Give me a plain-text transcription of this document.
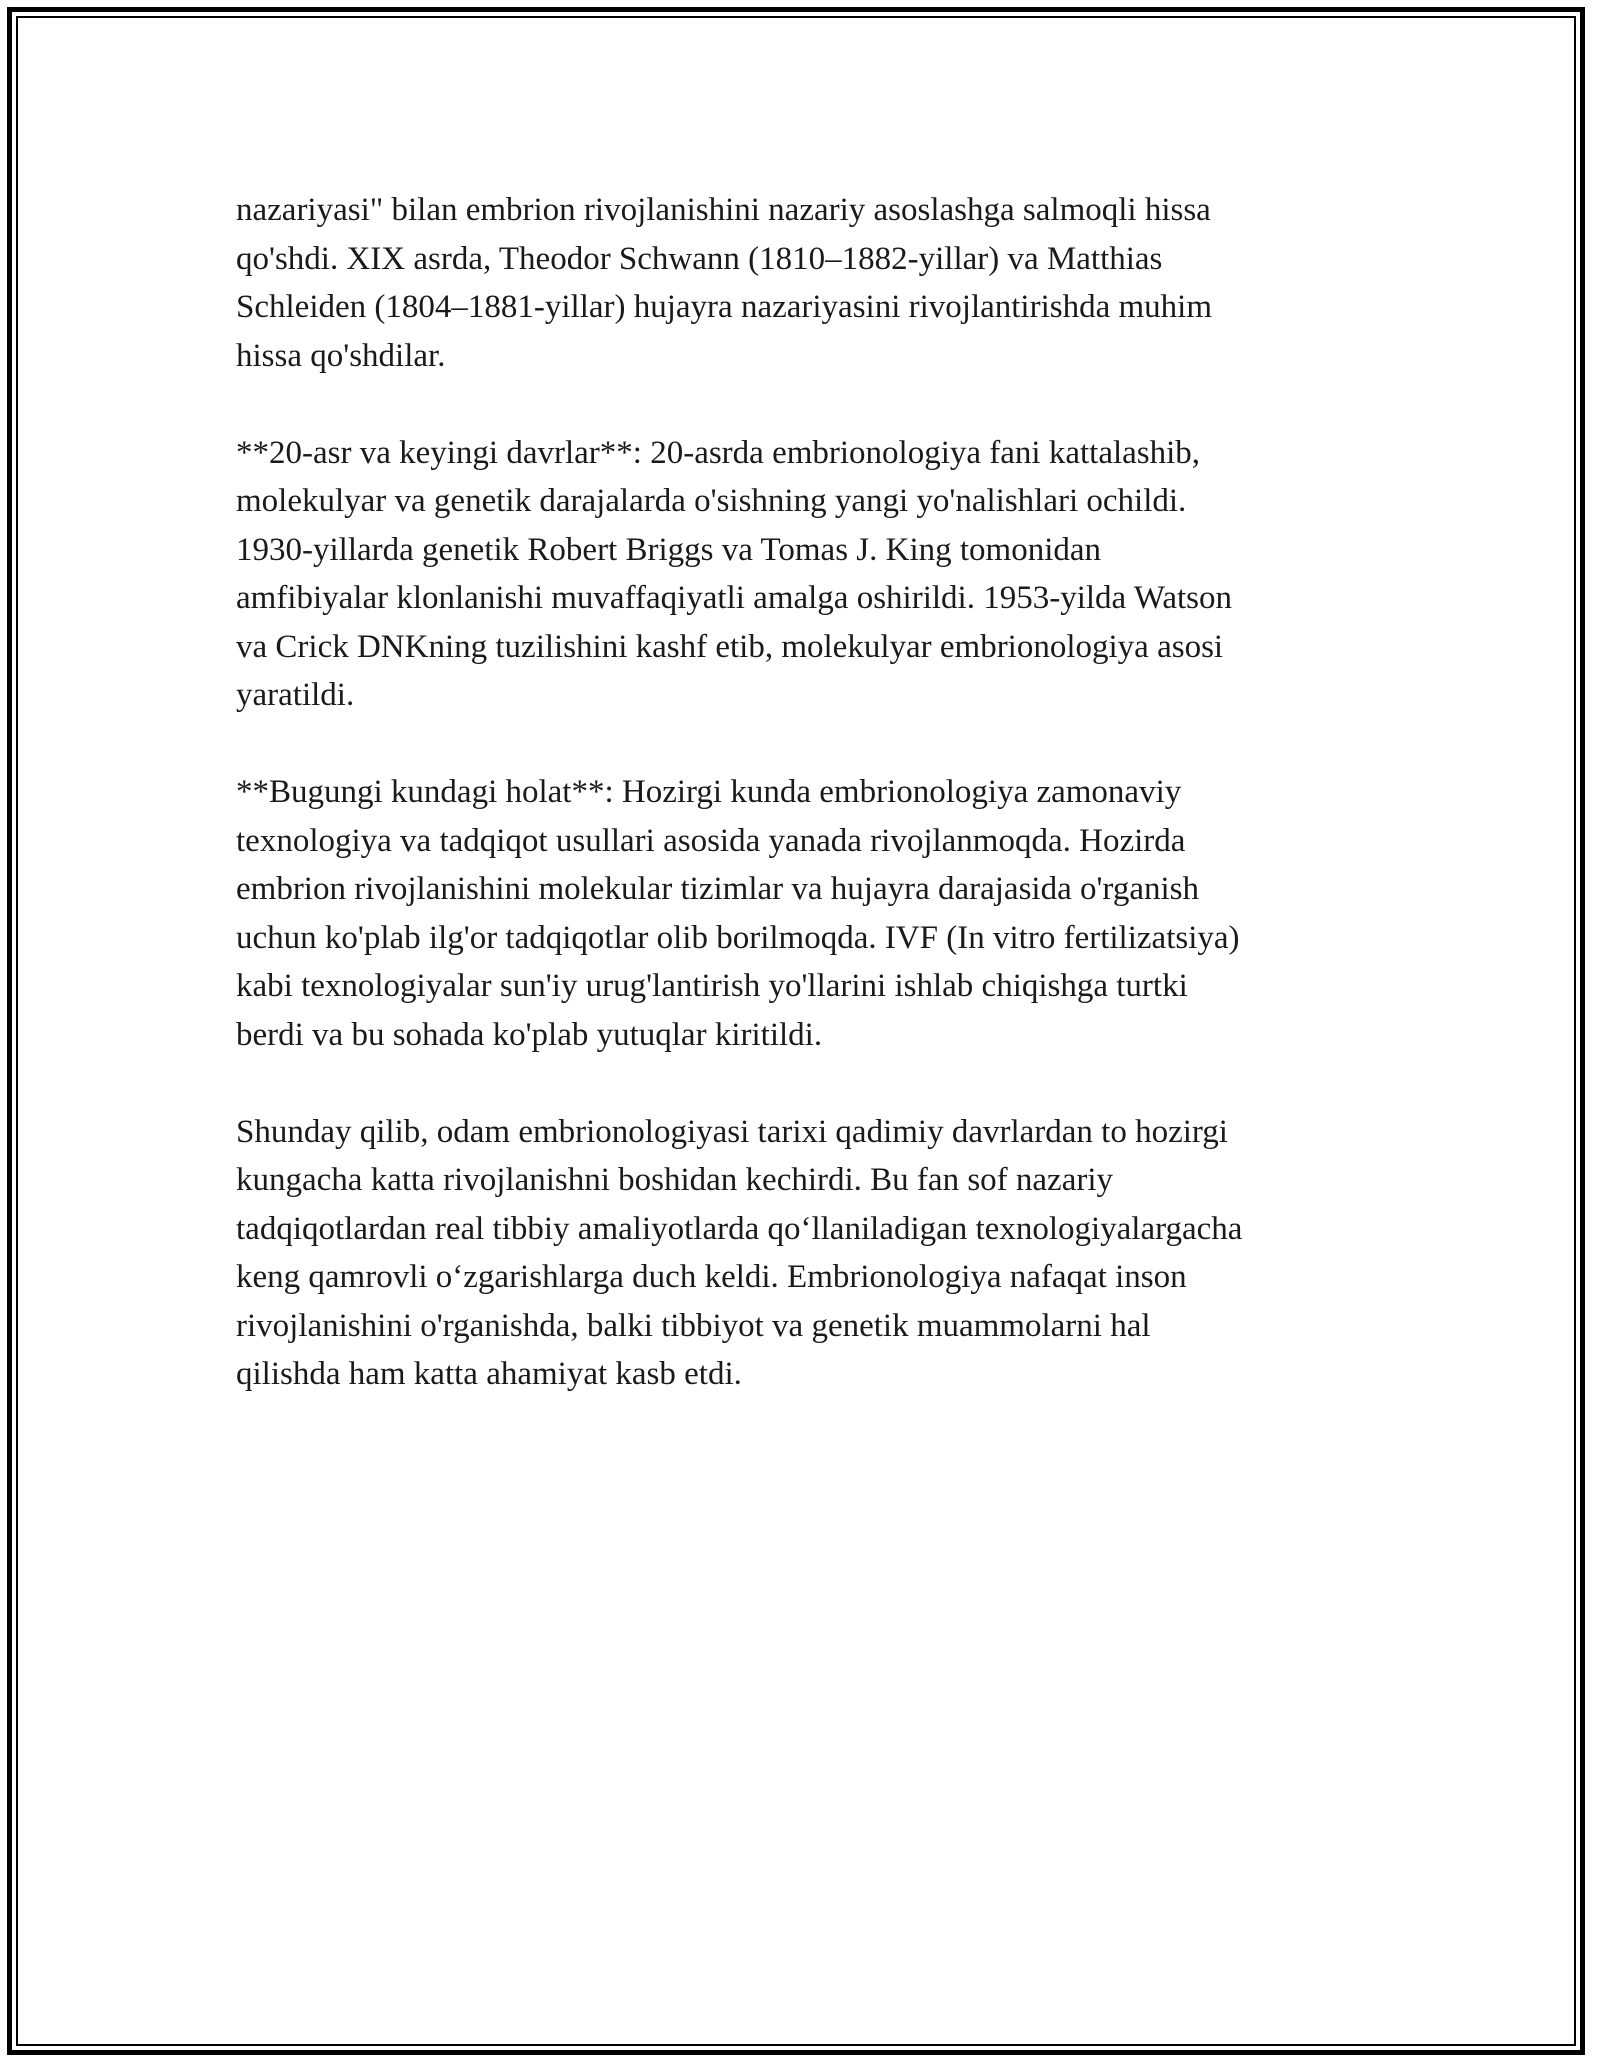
nazariyasi" bilan embrion rivojlanishini nazariy asoslashga salmoqli hissa
qo'shdi. XIX asrda, Theodor Schwann (1810–1882-yillar) va Matthias
Schleiden (1804–1881-yillar) hujayra nazariyasini rivojlantirishda muhim
hissa qo'shdilar.

**20-asr va keyingi davrlar**: 20-asrda embrionologiya fani kattalashib,
molekulyar va genetik darajalarda o'sishning yangi yo'nalishlari ochildi.
1930-yillarda genetik Robert Briggs va Tomas J. King tomonidan
amfibiyalar klonlanishi muvaffaqiyatli amalga oshirildi. 1953-yilda Watson
va Crick DNKning tuzilishini kashf etib, molekulyar embrionologiya asosi
yaratildi.

**Bugungi kundagi holat**: Hozirgi kunda embrionologiya zamonaviy
texnologiya va tadqiqot usullari asosida yanada rivojlanmoqda. Hozirda
embrion rivojlanishini molekular tizimlar va hujayra darajasida o'rganish
uchun ko'plab ilg'or tadqiqotlar olib borilmoqda. IVF (In vitro fertilizatsiya)
kabi texnologiyalar sun'iy urug'lantirish yo'llarini ishlab chiqishga turtki
berdi va bu sohada ko'plab yutuqlar kiritildi.

Shunday qilib, odam embrionologiyasi tarixi qadimiy davrlardan to hozirgi
kungacha katta rivojlanishni boshidan kechirdi. Bu fan sof nazariy
tadqiqotlardan real tibbiy amaliyotlarda qo‘llaniladigan texnologiyalargacha
keng qamrovli o‘zgarishlarga duch keldi. Embrionologiya nafaqat inson
rivojlanishini o'rganishda, balki tibbiyot va genetik muammolarni hal
qilishda ham katta ahamiyat kasb etdi.
